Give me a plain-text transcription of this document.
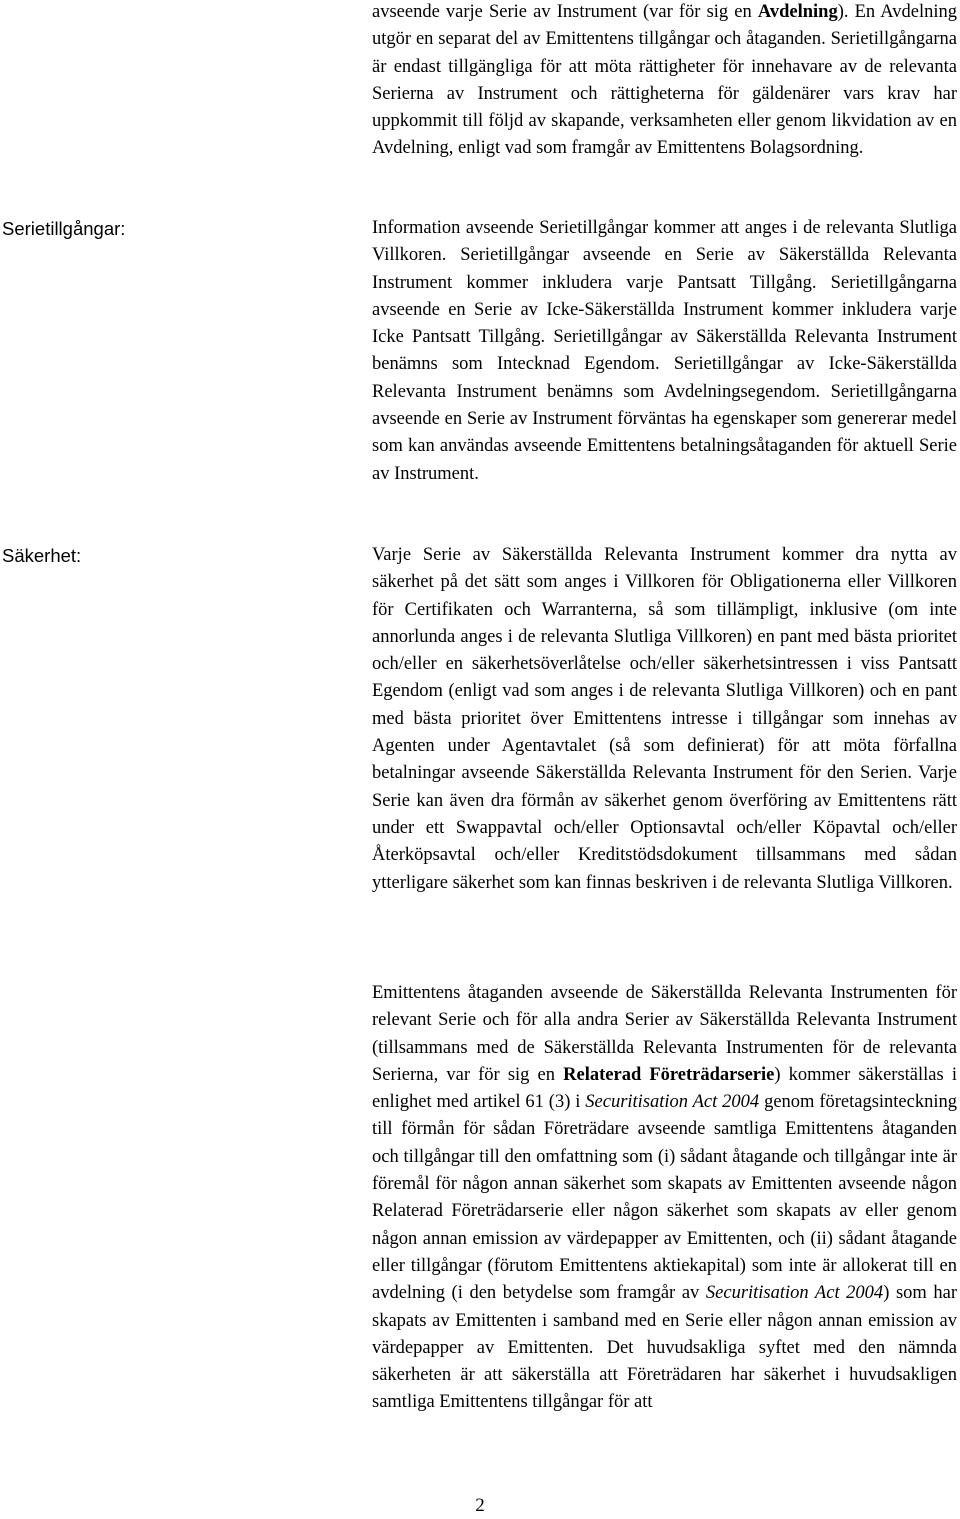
avseende varje Serie av Instrument (var för sig en Avdelning). En Avdelning utgör en separat del av Emittentens tillgångar och åtaganden. Serietillgångarna är endast tillgängliga för att möta rättigheter för innehavare av de relevanta Serierna av Instrument och rättigheterna för gäldenärer vars krav har uppkommit till följd av skapande, verksamheten eller genom likvidation av en Avdelning, enligt vad som framgår av Emittentens Bolagsordning.

Serietillgångar:	Information avseende Serietillgångar kommer att anges i de relevanta Slutliga Villkoren. Serietillgångar avseende en Serie av Säkerställda Relevanta Instrument kommer inkludera varje Pantsatt Tillgång. Serietillgångarna avseende en Serie av Icke-Säkerställda Instrument kommer inkludera varje Icke Pantsatt Tillgång. Serietillgångar av Säkerställda Relevanta Instrument benämns som Intecknad Egendom. Serietillgångar av Icke-Säkerställda Relevanta Instrument benämns som Avdelningsegendom. Serietillgångarna avseende en Serie av Instrument förväntas ha egenskaper som genererar medel som kan användas avseende Emittentens betalningsåtaganden för aktuell Serie av Instrument.

Säkerhet:	Varje Serie av Säkerställda Relevanta Instrument kommer dra nytta av säkerhet på det sätt som anges i Villkoren för Obligationerna eller Villkoren för Certifikaten och Warranterna, så som tillämpligt, inklusive (om inte annorlunda anges i de relevanta Slutliga Villkoren) en pant med bästa prioritet och/eller en säkerhetsöverlåtelse och/eller säkerhetsintressen i viss Pantsatt Egendom (enligt vad som anges i de relevanta Slutliga Villkoren) och en pant med bästa prioritet över Emittentens intresse i tillgångar som innehas av Agenten under Agentavtalet (så som definierat) för att möta förfallna betalningar avseende Säkerställda Relevanta Instrument för den Serien. Varje Serie kan även dra förmån av säkerhet genom överföring av Emittentens rätt under ett Swappavtal och/eller Optionsavtal och/eller Köpavtal och/eller Återköpsavtal och/eller Kreditstödsdokument tillsammans med sådan ytterligare säkerhet som kan finnas beskriven i de relevanta Slutliga Villkoren.

Emittentens åtaganden avseende de Säkerställda Relevanta Instrumenten för relevant Serie och för alla andra Serier av Säkerställda Relevanta Instrument (tillsammans med de Säkerställda Relevanta Instrumenten för de relevanta Serierna, var för sig en Relaterad Företrädarserie) kommer säkerställas i enlighet med artikel 61 (3) i Securitisation Act 2004 genom företagsinteckning till förmån för sådan Företrädare avseende samtliga Emittentens åtaganden och tillgångar till den omfattning som (i) sådant åtagande och tillgångar inte är föremål för någon annan säkerhet som skapats av Emittenten avseende någon Relaterad Företrädarserie eller någon säkerhet som skapats av eller genom någon annan emission av värdepapper av Emittenten, och (ii) sådant åtagande eller tillgångar (förutom Emittentens aktiekapital) som inte är allokerat till en avdelning (i den betydelse som framgår av Securitisation Act 2004) som har skapats av Emittenten i samband med en Serie eller någon annan emission av värdepapper av Emittenten. Det huvudsakliga syftet med den nämnda säkerheten är att säkerställa att Företrädaren har säkerhet i huvudsakligen samtliga Emittentens tillgångar för att

2
